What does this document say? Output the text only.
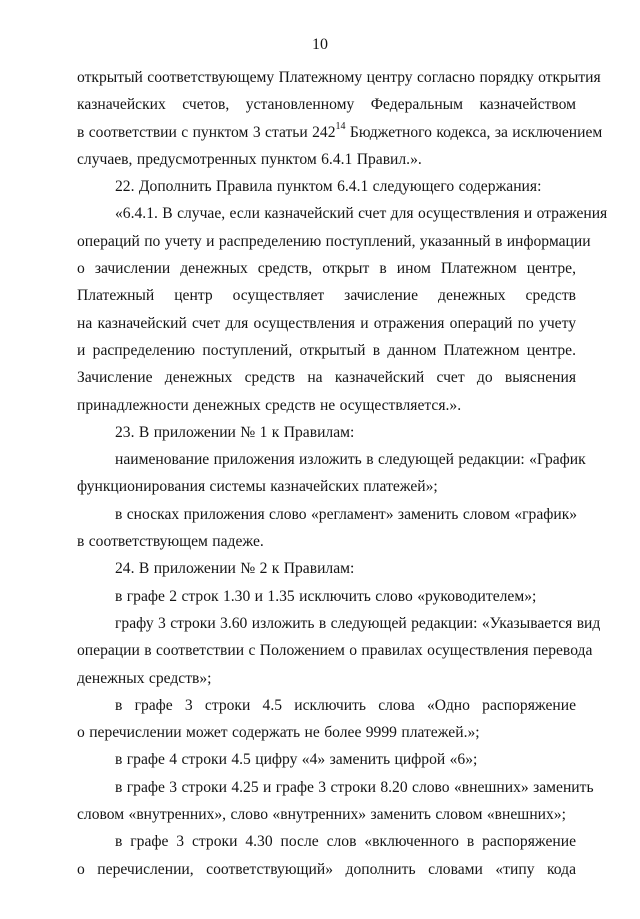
10
открытый соответствующему Платежному центру согласно порядку открытия
казначейских счетов, установленному Федеральным казначейством
в соответствии с пунктом 3 статьи $242^{14}$ Бюджетного кодекса, за исключением
случаев, предусмотренных пунктом 6.4.1 Правил.».
22. Дополнить Правила пунктом 6.4.1 следующего содержания:
«6.4.1. В случае, если казначейский счет для осуществления и отражения
операций по учету и распределению поступлений, указанный в информации
о зачислении денежных средств, открыт в ином Платежном центре,
Платежный центр осуществляет зачисление денежных средств
на казначейский счет для осуществления и отражения операций по учету
и распределению поступлений, открытый в данном Платежном центре.
Зачисление денежных средств на казначейский счет до выяснения
принадлежности денежных средств не осуществляется.».
23. В приложении № 1 к Правилам:
наименование приложения изложить в следующей редакции: «График
функционирования системы казначейских платежей»;
в сносках приложения слово «регламент» заменить словом «график»
в соответствующем падеже.
24. В приложении № 2 к Правилам:
в графе 2 строк 1.30 и 1.35 исключить слово «руководителем»;
графу 3 строки 3.60 изложить в следующей редакции: «Указывается вид
операции в соответствии с Положением о правилах осуществления перевода
денежных средств»;
в графе 3 строки 4.5 исключить слова «Одно распоряжение
о перечислении может содержать не более 9999 платежей.»;
в графе 4 строки 4.5 цифру «4» заменить цифрой «6»;
в графе 3 строки 4.25 и графе 3 строки 8.20 слово «внешних» заменить
словом «внутренних», слово «внутренних» заменить словом «внешних»;
в графе 3 строки 4.30 после слов «включенного в распоряжение
о перечислении, соответствующий» дополнить словами «типу кода
